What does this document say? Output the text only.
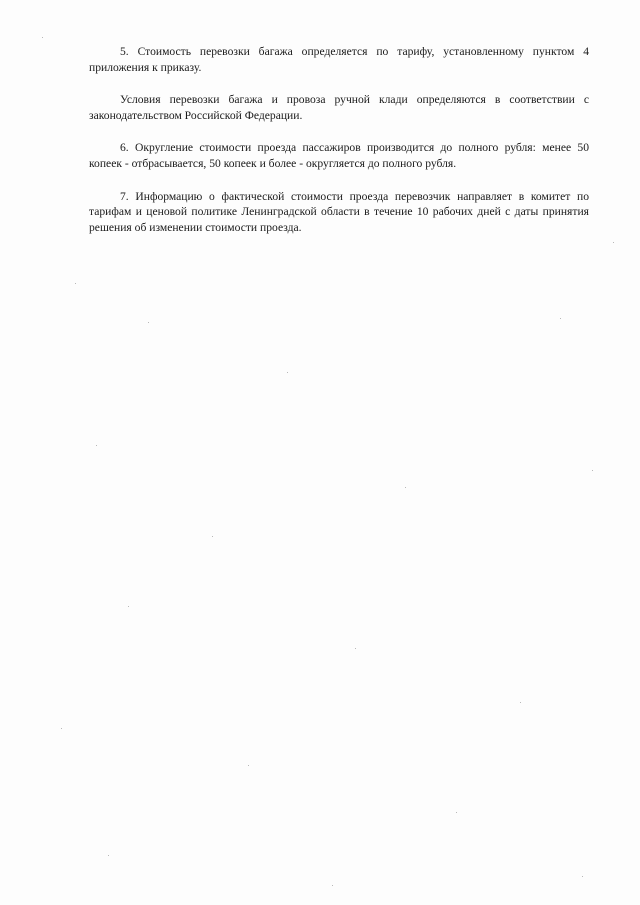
5. Стоимость перевозки багажа определяется по тарифу, установленному пунктом 4 приложения к приказу.

Условия перевозки багажа и провоза ручной клади определяются в соответствии с законодательством Российской Федерации.

6. Округление стоимости проезда пассажиров производится до полного рубля: менее 50 копеек - отбрасывается, 50 копеек и более - округляется до полного рубля.

7. Информацию о фактической стоимости проезда перевозчик направляет в комитет по тарифам и ценовой политике Ленинградской области в течение 10 рабочих дней с даты принятия решения об изменении стоимости проезда.
